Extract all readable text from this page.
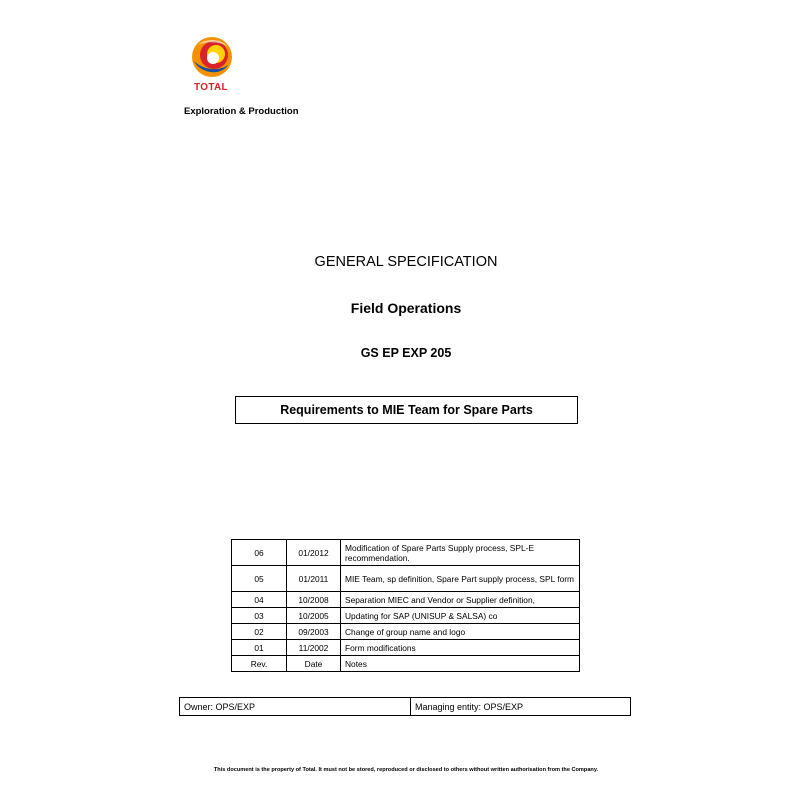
TOTAL
Exploration & Production
GENERAL SPECIFICATION
Field Operations
GS EP EXP 205
Requirements to MIE Team for Spare Parts
06	01/2012	Modification of Spare Parts Supply process, SPL-E recommendation.
05	01/2011	MIE Team, sp definition, Spare Part supply process, SPL form
04	10/2008	Separation MIEC and Vendor or Supplier definition,
03	10/2005	Updating for SAP (UNISUP & SALSA) co
02	09/2003	Change of group name and logo
01	11/2002	Form modifications
Rev.	Date	Notes
Owner: OPS/EXP	Managing entity: OPS/EXP
This document is the property of Total. It must not be stored, reproduced or disclosed to others without written authorisation from the Company.
